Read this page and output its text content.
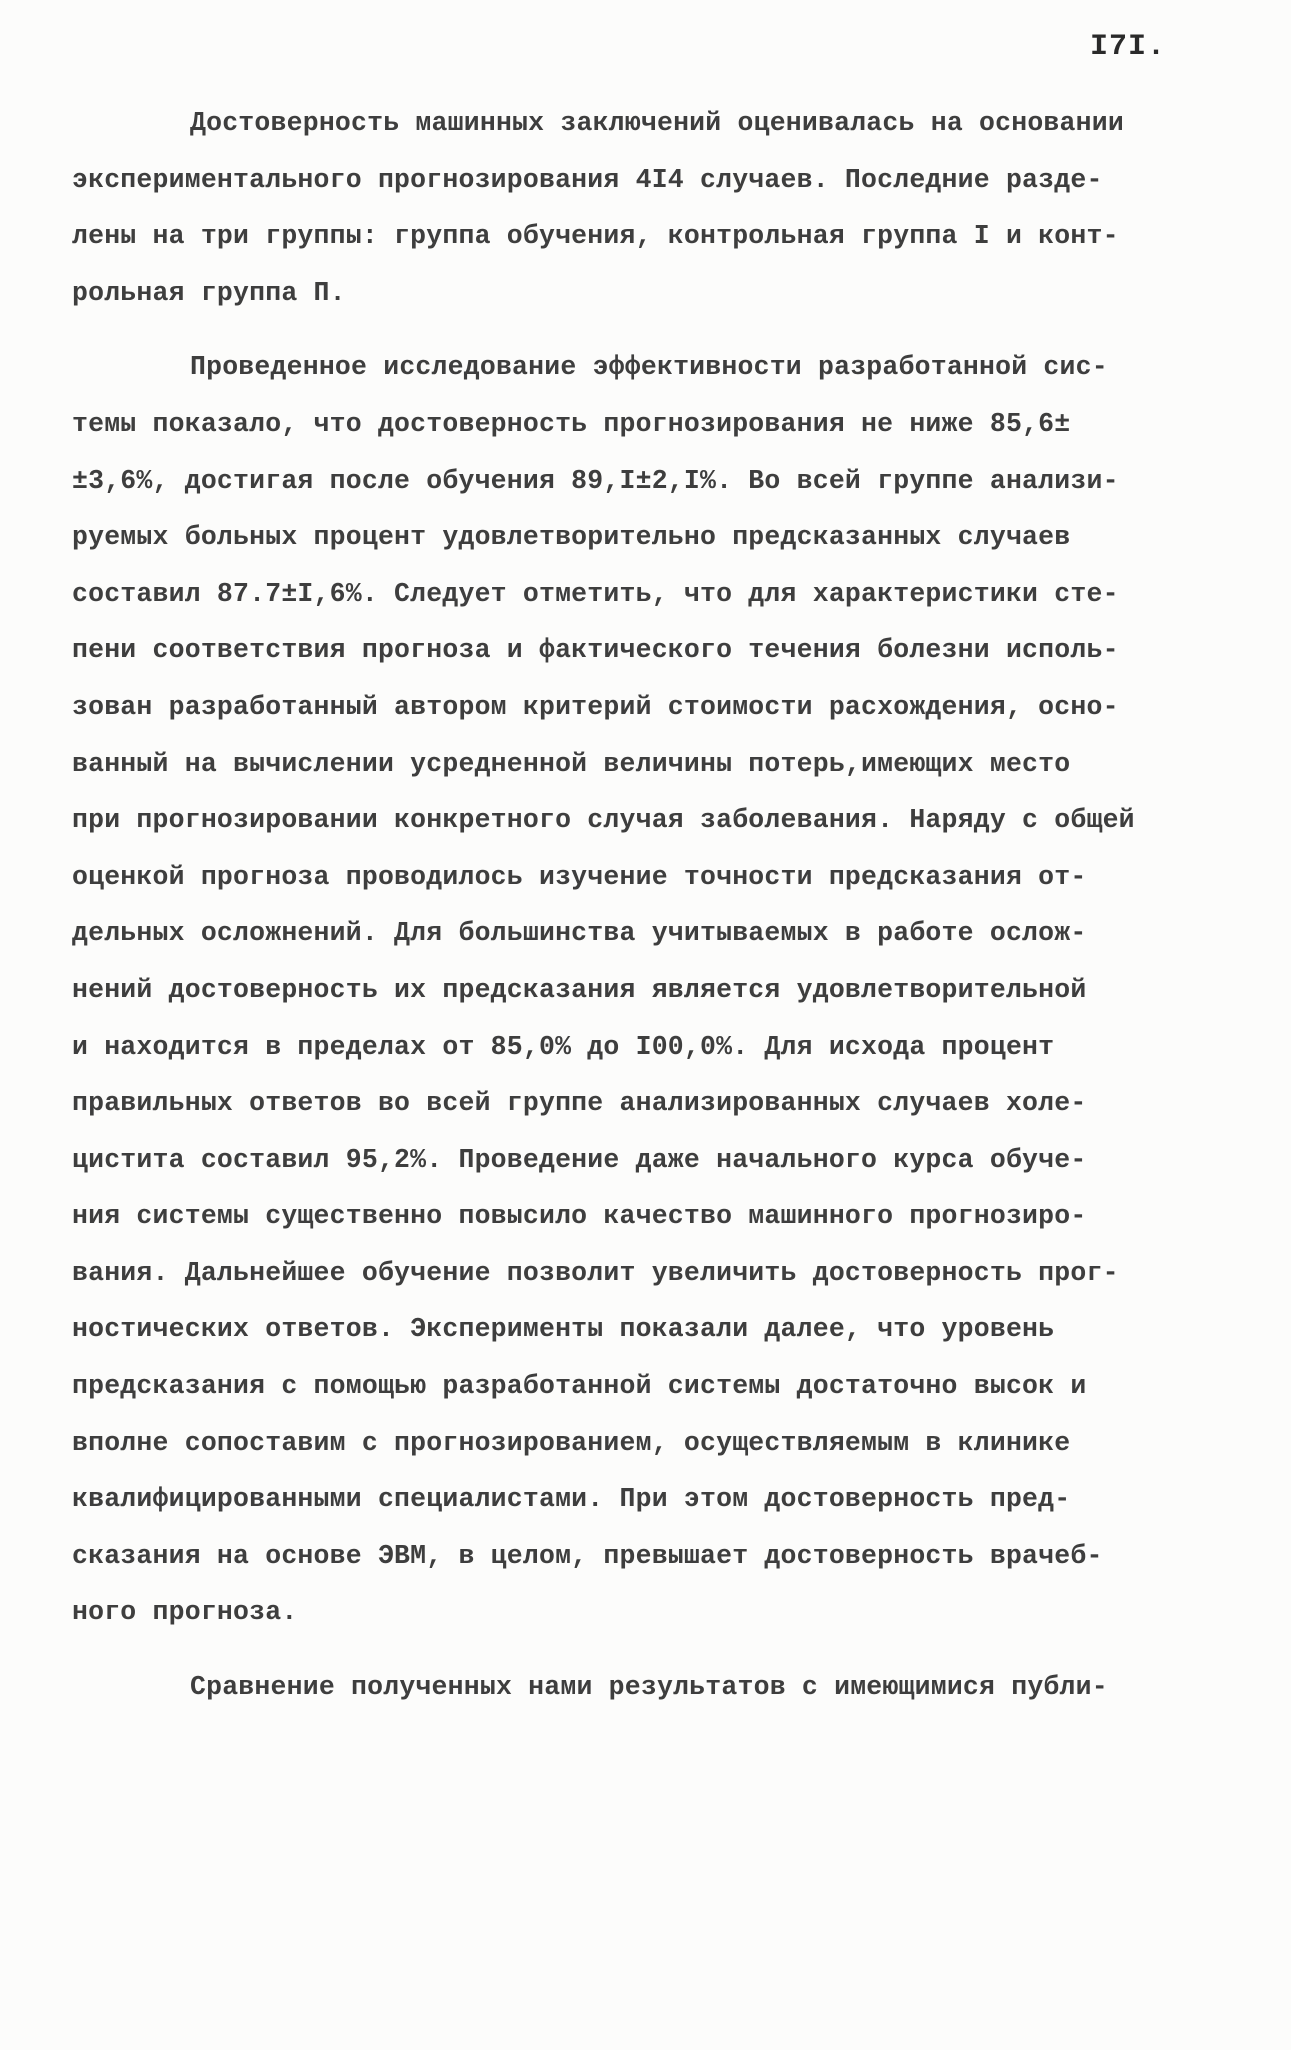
I7I.
Достоверность машинных заключений оценивалась на основании
экспериментального прогнозирования 4I4 случаев. Последние разде-
лены на три группы: группа обучения, контрольная группа I и конт-
рольная группа П.
Проведенное исследование эффективности разработанной сис-
темы показало, что достоверность прогнозирования не ниже 85,6±
±3,6%, достигая после обучения 89,I±2,I%. Во всей группе анализи-
руемых больных процент удовлетворительно предсказанных случаев
составил 87.7±I,6%. Следует отметить, что для характеристики сте-
пени соответствия прогноза и фактического течения болезни исполь-
зован разработанный автором критерий стоимости расхождения, осно-
ванный на вычислении усредненной величины потерь,имеющих место
при прогнозировании конкретного случая заболевания. Наряду с общей
оценкой прогноза проводилось изучение точности предсказания от-
дельных осложнений. Для большинства учитываемых в работе ослож-
нений достоверность их предсказания является удовлетворительной
и находится в пределах от 85,0% до I00,0%. Для исхода процент
правильных ответов во всей группе анализированных случаев холе-
цистита составил 95,2%. Проведение даже начального курса обуче-
ния системы существенно повысило качество машинного прогнозиро-
вания. Дальнейшее обучение позволит увеличить достоверность прог-
ностических ответов. Эксперименты показали далее, что уровень
предсказания с помощью разработанной системы достаточно высок и
вполне сопоставим с прогнозированием, осуществляемым в клинике
квалифицированными специалистами. При этом достоверность пред-
сказания на основе ЭВМ, в целом, превышает достоверность врачеб-
ного прогноза.
Сравнение полученных нами результатов с имеющимися публи-
